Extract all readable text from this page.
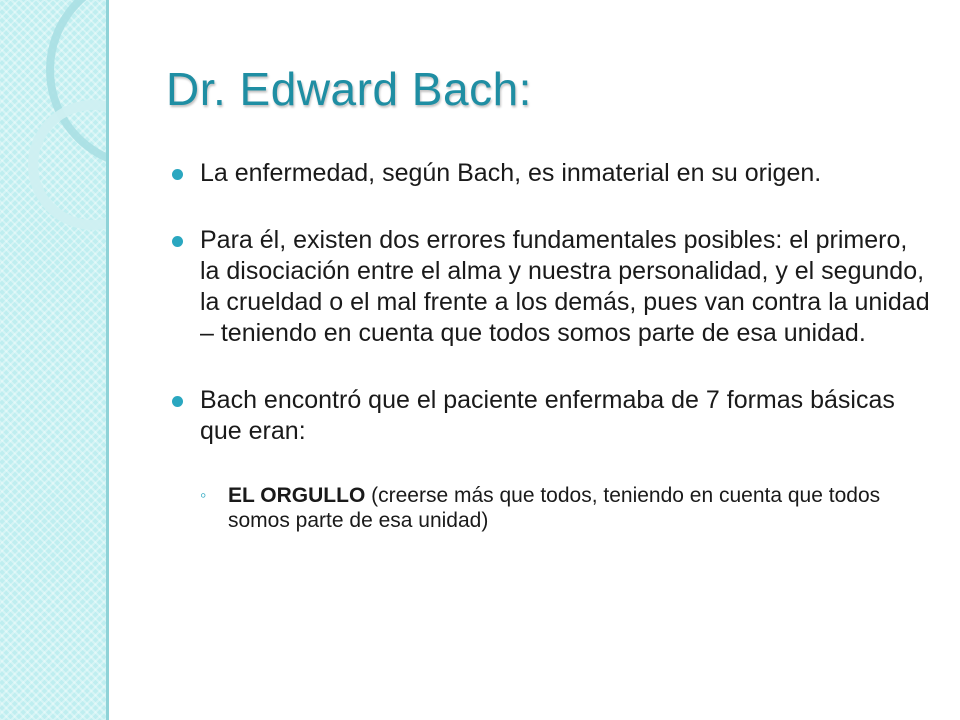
Dr. Edward Bach:

La enfermedad, según Bach, es inmaterial en su origen.

Para él, existen dos errores fundamentales posibles: el primero, la disociación entre el alma y nuestra personalidad, y el segundo, la crueldad o el mal frente a los demás, pues van contra la unidad – teniendo en cuenta que todos somos parte de esa unidad.

Bach encontró que el paciente enfermaba de 7 formas básicas que eran:

◦ EL ORGULLO (creerse más que todos, teniendo en cuenta que todos somos parte de esa unidad)
